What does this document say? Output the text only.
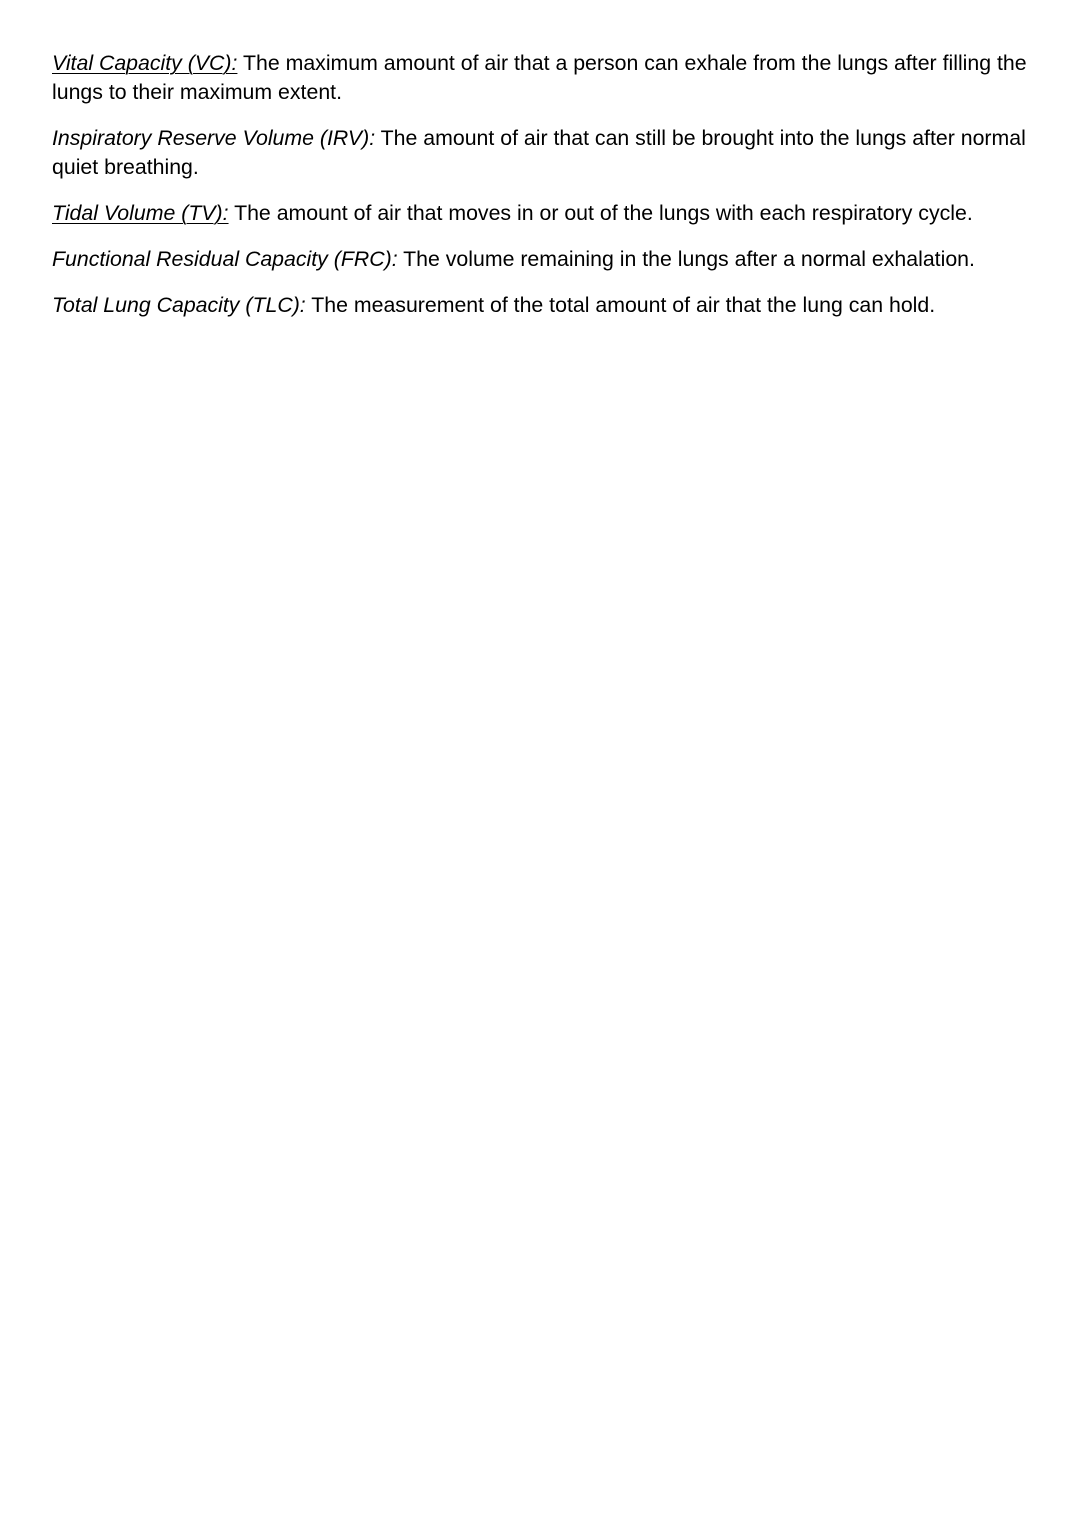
Vital Capacity (VC): The maximum amount of air that a person can exhale from the lungs after filling the lungs to their maximum extent.

Inspiratory Reserve Volume (IRV): The amount of air that can still be brought into the lungs after normal quiet breathing.

Tidal Volume (TV): The amount of air that moves in or out of the lungs with each respiratory cycle.

Functional Residual Capacity (FRC): The volume remaining in the lungs after a normal exhalation.

Total Lung Capacity (TLC): The measurement of the total amount of air that the lung can hold.
